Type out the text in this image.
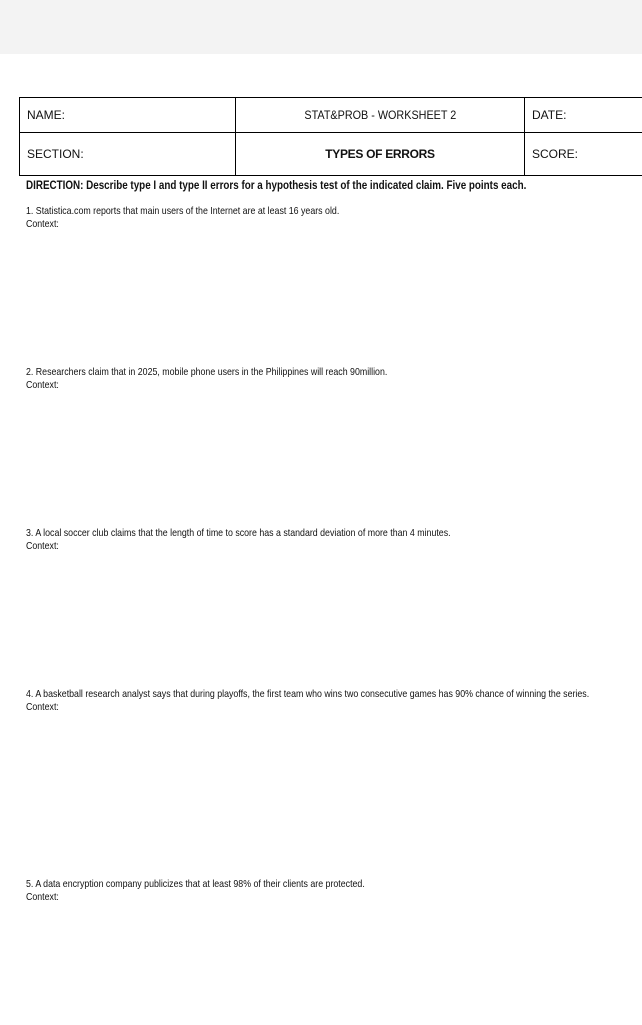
NAME:	STAT&PROB - WORKSHEET 2	DATE:
SECTION:	TYPES OF ERRORS	SCORE:
DIRECTION: Describe type I and type II errors for a hypothesis test of the indicated claim. Five points each.
1. Statistica.com reports that main users of the Internet are at least 16 years old.
Context:
2. Researchers claim that in 2025, mobile phone users in the Philippines will reach 90million.
Context:
3. A local soccer club claims that the length of time to score has a standard deviation of more than 4 minutes.
Context:
4. A basketball research analyst says that during playoffs, the first team who wins two consecutive games has 90% chance of winning the series.
Context:
5. A data encryption company publicizes that at least 98% of their clients are protected.
Context:
